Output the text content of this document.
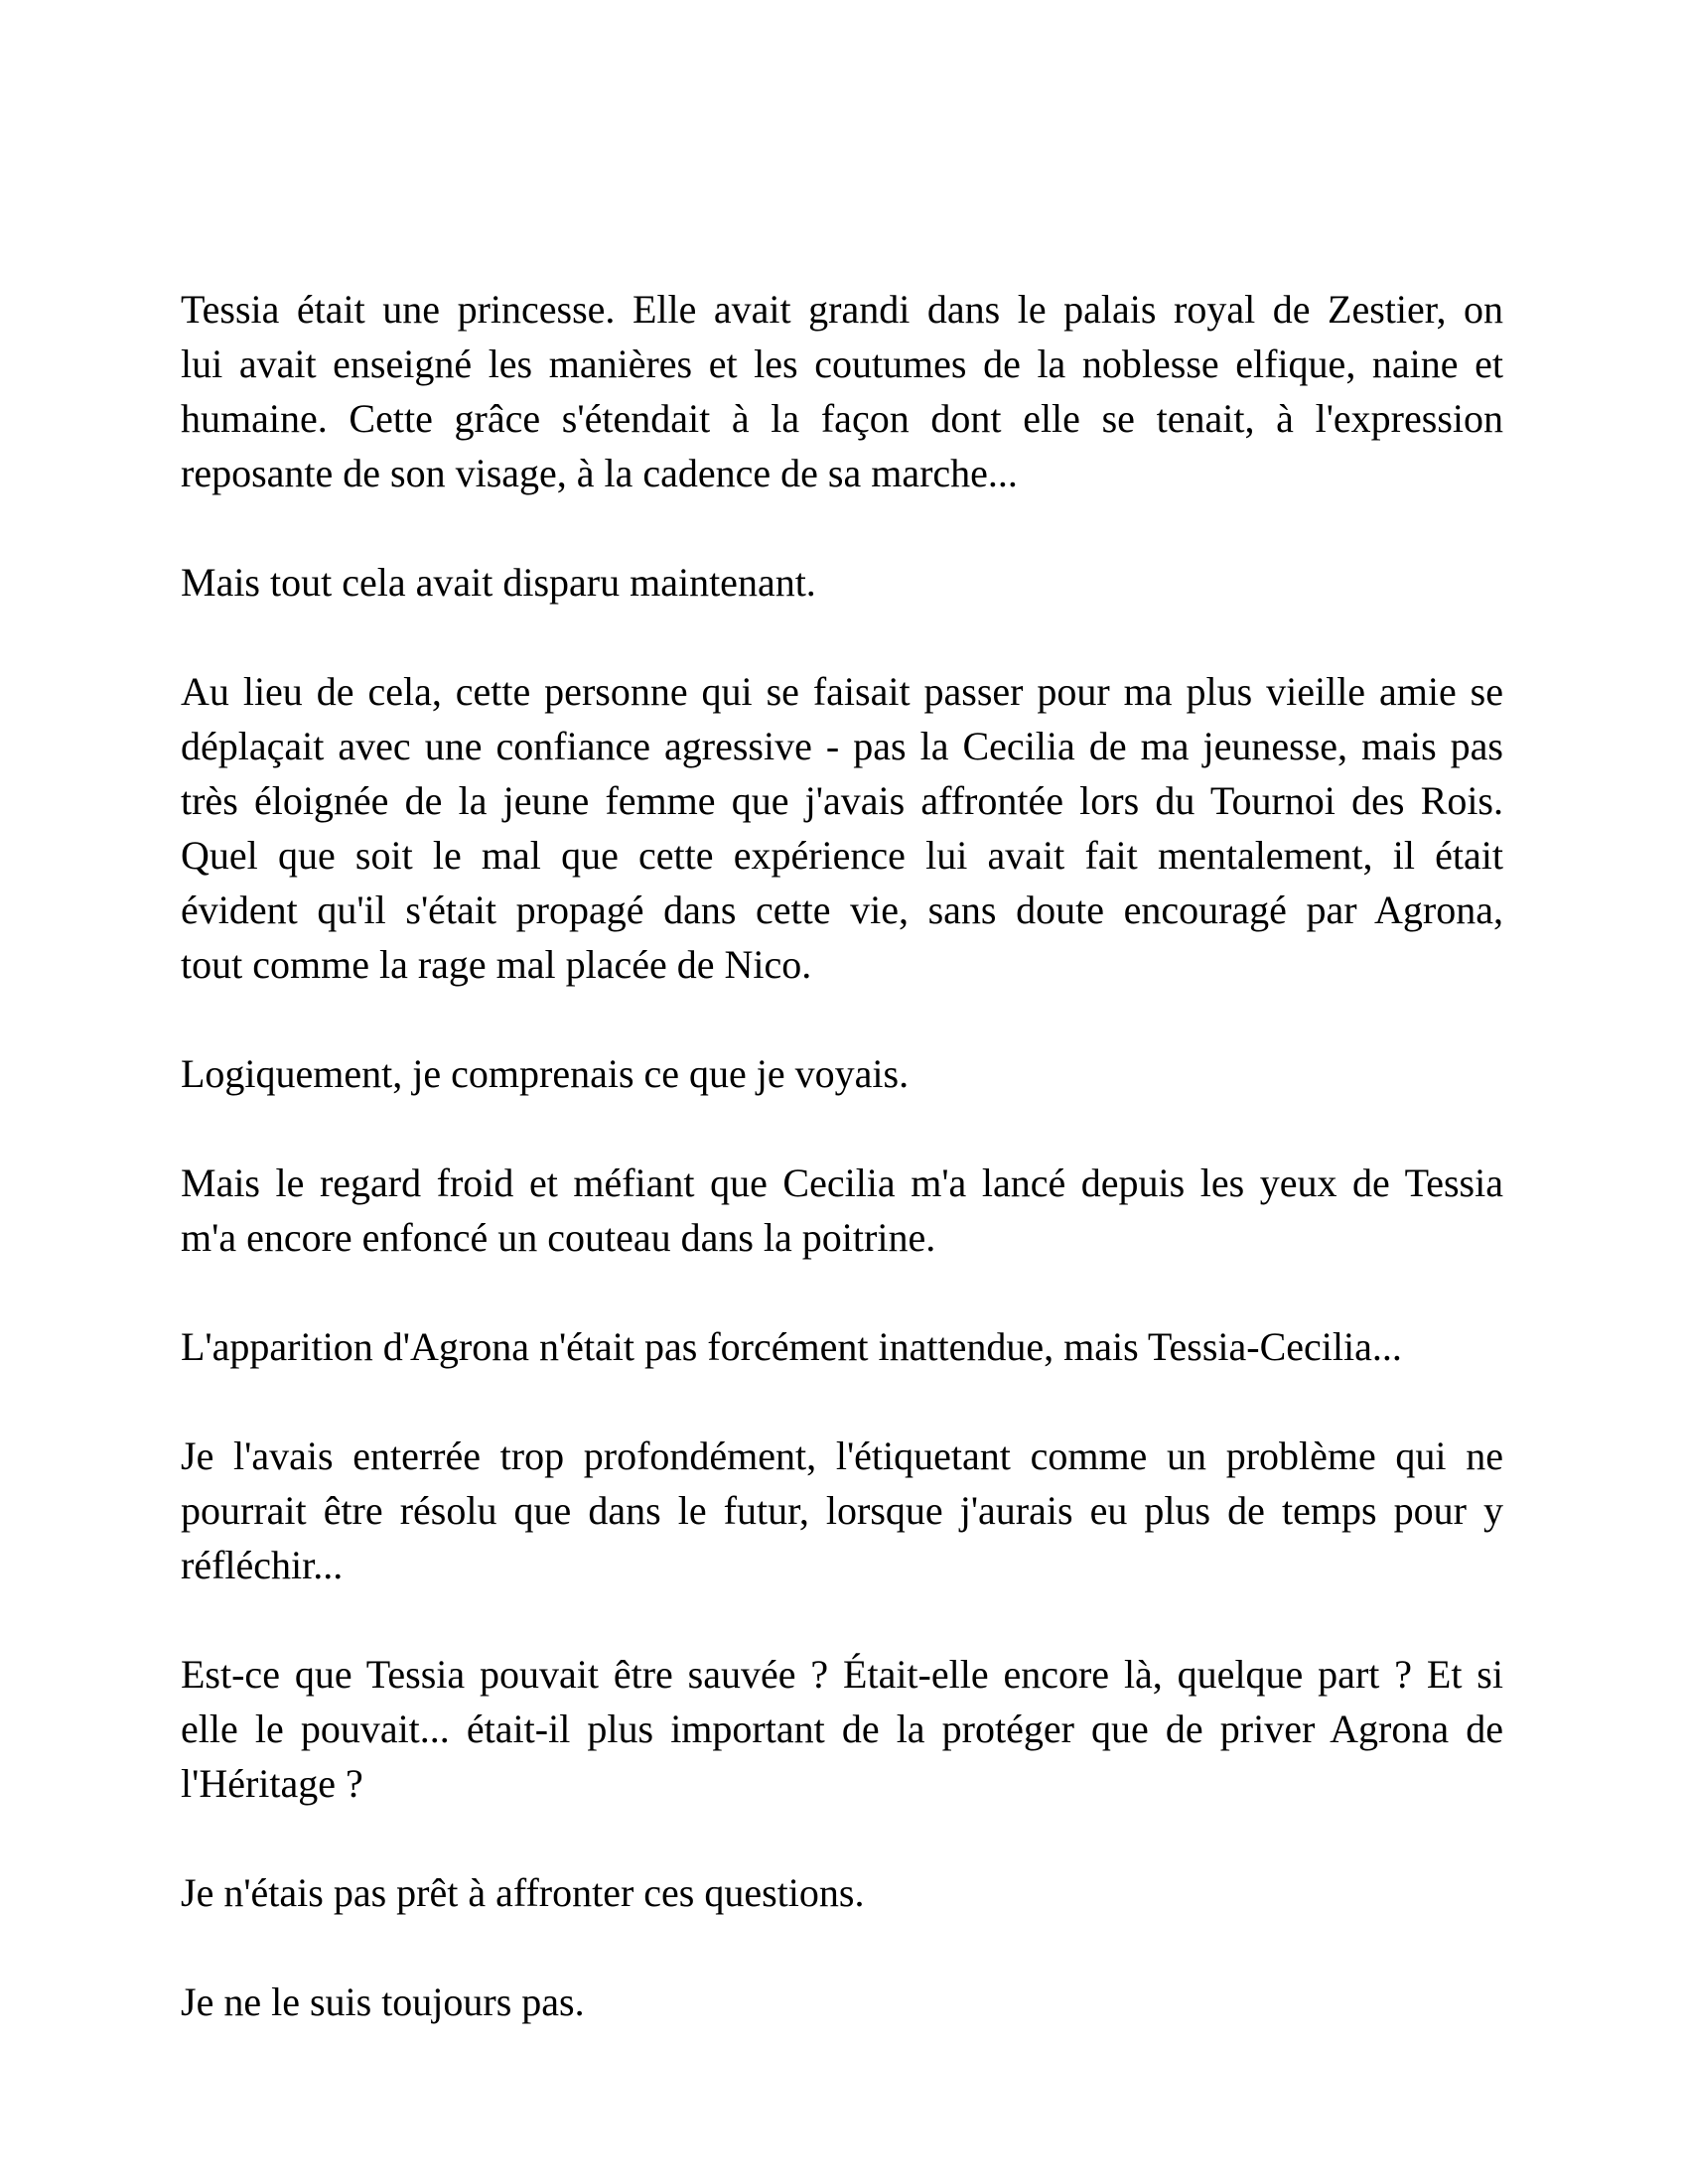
Tessia était une princesse. Elle avait grandi dans le palais royal de Zestier, on
lui avait enseigné les manières et les coutumes de la noblesse elfique, naine et
humaine. Cette grâce s'étendait à la façon dont elle se tenait, à l'expression
reposante de son visage, à la cadence de sa marche...
Mais tout cela avait disparu maintenant.
Au lieu de cela, cette personne qui se faisait passer pour ma plus vieille amie se
déplaçait avec une confiance agressive - pas la Cecilia de ma jeunesse, mais pas
très éloignée de la jeune femme que j'avais affrontée lors du Tournoi des Rois.
Quel que soit le mal que cette expérience lui avait fait mentalement, il était
évident qu'il s'était propagé dans cette vie, sans doute encouragé par Agrona,
tout comme la rage mal placée de Nico.
Logiquement, je comprenais ce que je voyais.
Mais le regard froid et méfiant que Cecilia m'a lancé depuis les yeux de Tessia
m'a encore enfoncé un couteau dans la poitrine.
L'apparition d'Agrona n'était pas forcément inattendue, mais Tessia-Cecilia...
Je l'avais enterrée trop profondément, l'étiquetant comme un problème qui ne
pourrait être résolu que dans le futur, lorsque j'aurais eu plus de temps pour y
réfléchir...
Est-ce que Tessia pouvait être sauvée ? Était-elle encore là, quelque part ? Et si
elle le pouvait... était-il plus important de la protéger que de priver Agrona de
l'Héritage ?
Je n'étais pas prêt à affronter ces questions.
Je ne le suis toujours pas.
